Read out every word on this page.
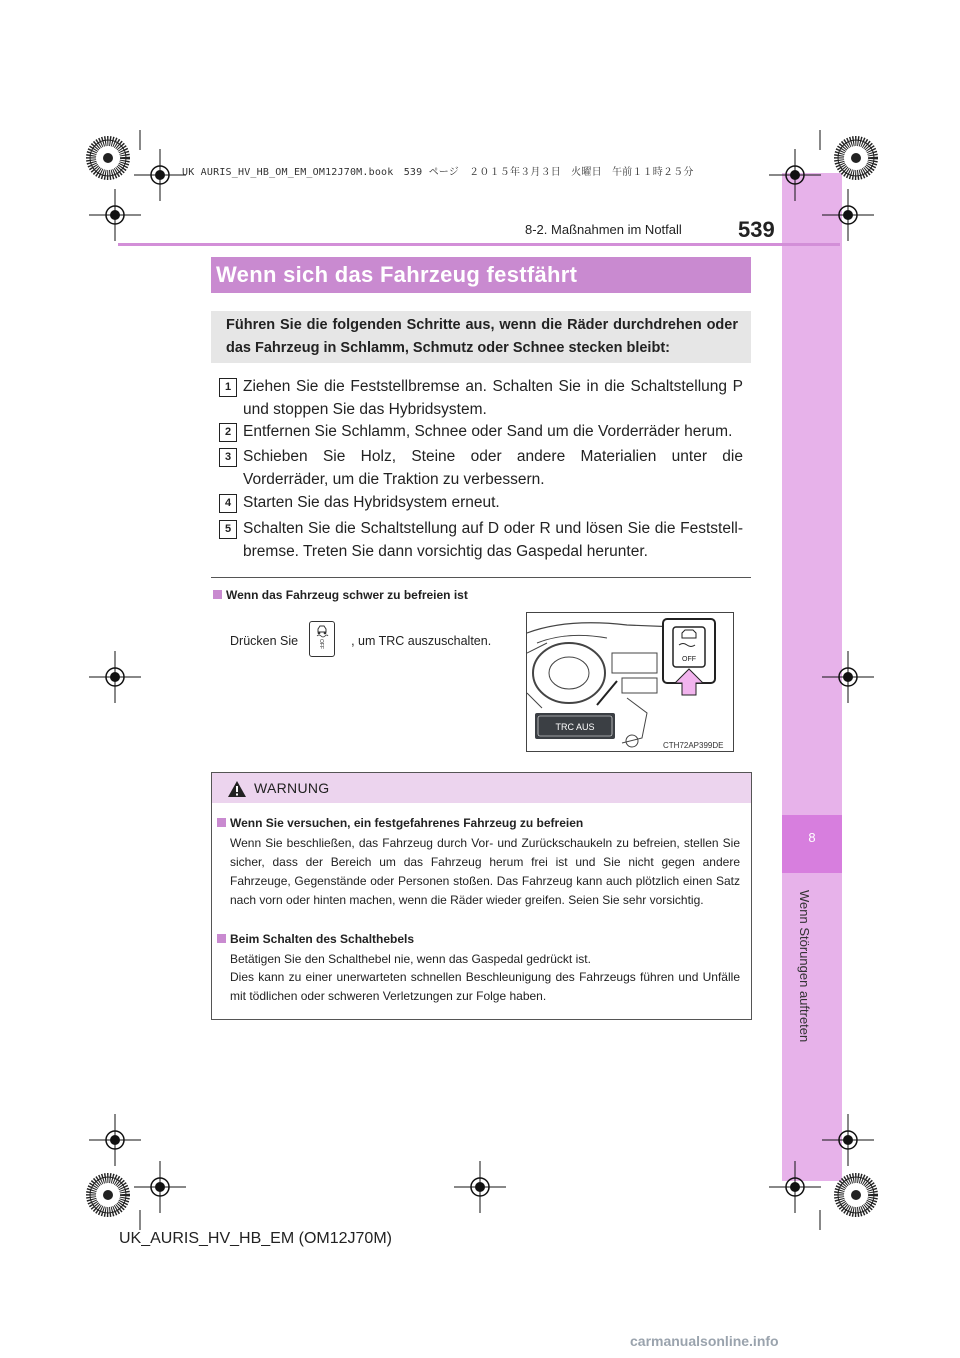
8
Wenn Störungen auftreten
UK AURIS_HV_HB_OM_EM_OM12J70M.book　539 ページ　２０１５年３月３日　火曜日　午前１１時２５分
8-2. Maßnahmen im Notfall	539
Wenn sich das Fahrzeug festfährt
Führen Sie die folgenden Schritte aus, wenn die Räder durchdrehen oder das Fahrzeug in Schlamm, Schmutz oder Schnee stecken bleibt:
1 Ziehen Sie die Feststellbremse an. Schalten Sie in die Schaltstellung P und stoppen Sie das Hybridsystem.
2 Entfernen Sie Schlamm, Schnee oder Sand um die Vorderräder herum.
3 Schieben Sie Holz, Steine oder andere Materialien unter die Vorderräder, um die Traktion zu verbessern.
4 Starten Sie das Hybridsystem erneut.
5 Schalten Sie die Schaltstellung auf D oder R und lösen Sie die Feststell-bremse. Treten Sie dann vorsichtig das Gaspedal herunter.
Wenn das Fahrzeug schwer zu befreien ist
Drücken Sie	, um TRC auszuschalten.
OFF
OFF
TRC AUS
CTH72AP399DE
WARNUNG
Wenn Sie versuchen, ein festgefahrenes Fahrzeug zu befreien
Wenn Sie beschließen, das Fahrzeug durch Vor- und Zurückschaukeln zu befreien, stellen Sie sicher, dass der Bereich um das Fahrzeug herum frei ist und Sie nicht gegen andere Fahrzeuge, Gegenstände oder Personen stoßen. Das Fahrzeug kann auch plötzlich einen Satz nach vorn oder hinten machen, wenn die Räder wieder greifen. Seien Sie sehr vorsichtig.
Beim Schalten des Schalthebels
Betätigen Sie den Schalthebel nie, wenn das Gaspedal gedrückt ist.
Dies kann zu einer unerwarteten schnellen Beschleunigung des Fahrzeugs führen und Unfälle mit tödlichen oder schweren Verletzungen zur Folge haben.
UK_AURIS_HV_HB_EM (OM12J70M)
carmanualsonline.info
